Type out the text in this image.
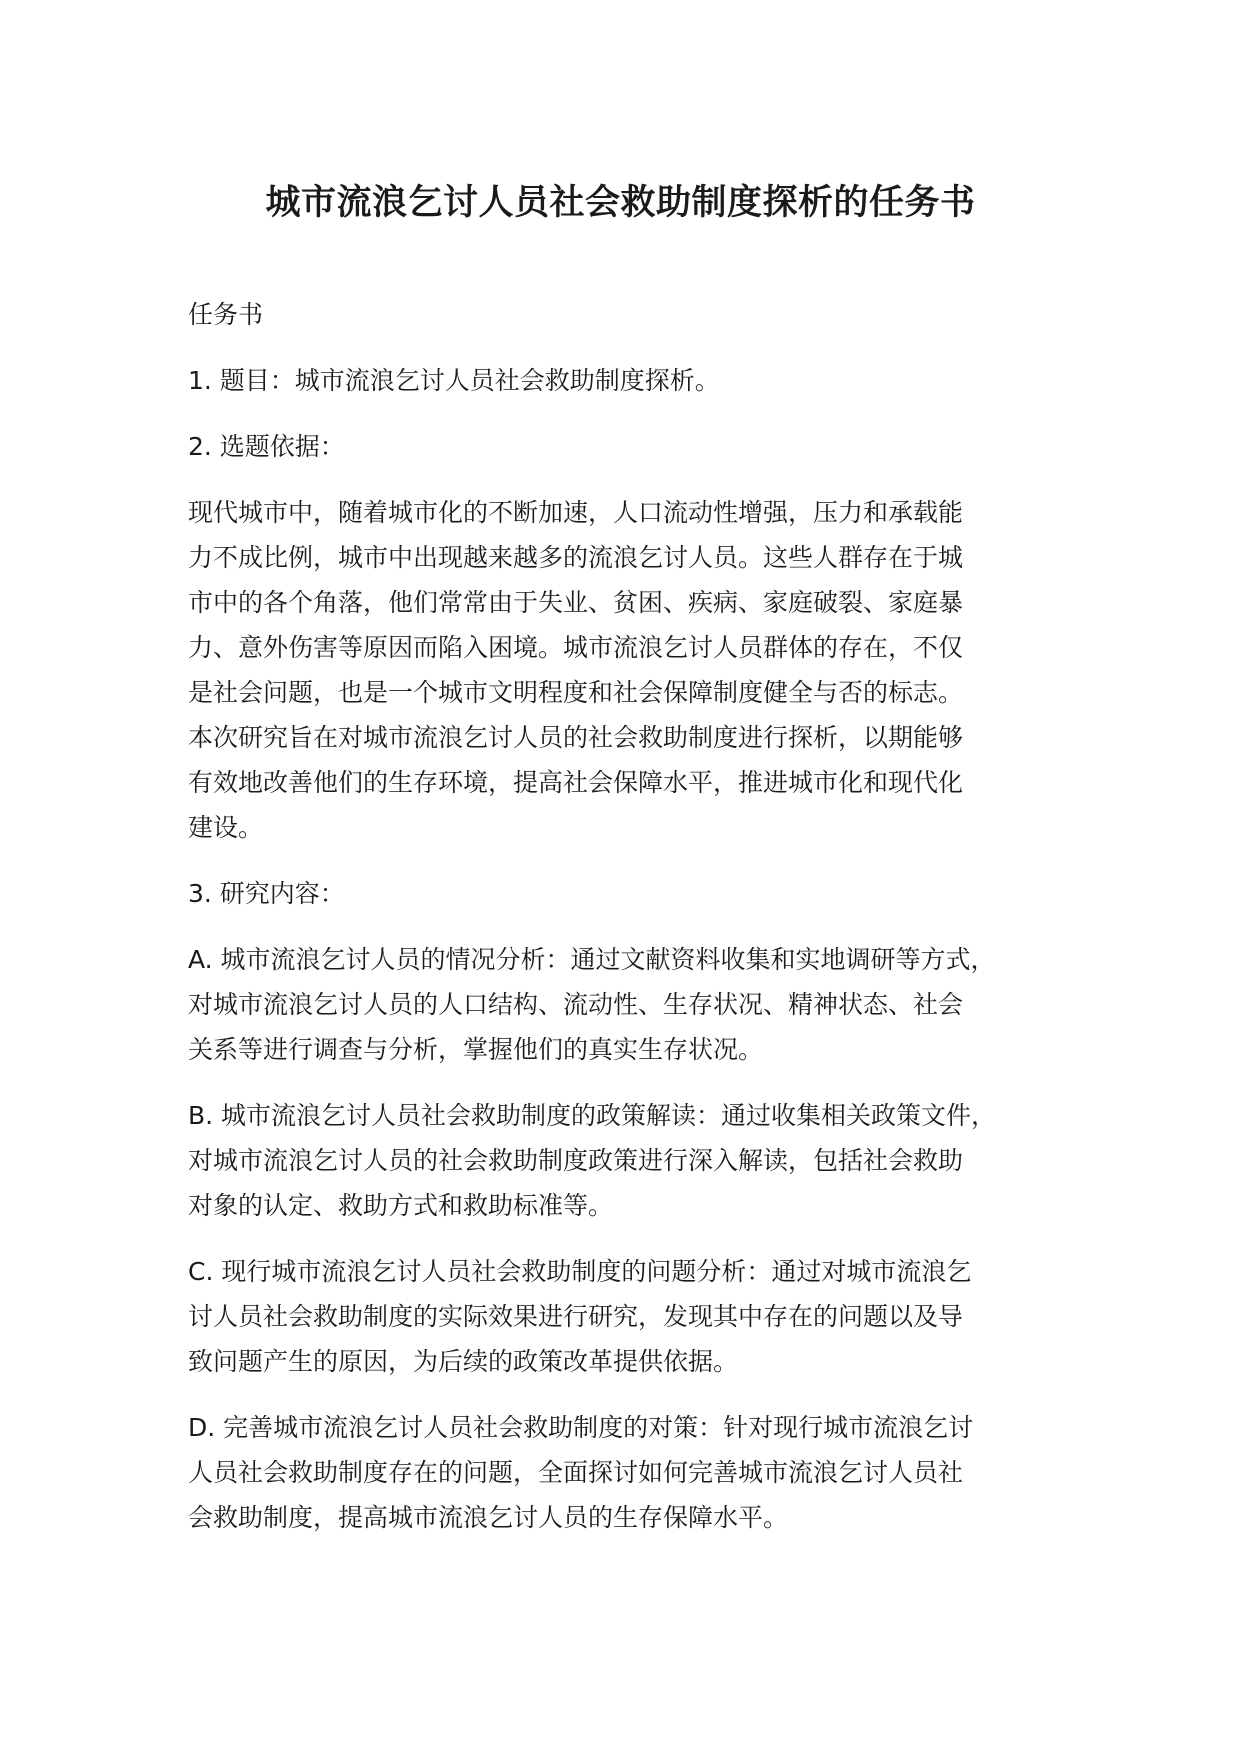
城市流浪乞讨人员社会救助制度探析的任务书

任务书

1. 题目：城市流浪乞讨人员社会救助制度探析。

2. 选题依据：

现代城市中，随着城市化的不断加速，人口流动性增强，压力和承载能
力不成比例，城市中出现越来越多的流浪乞讨人员。这些人群存在于城
市中的各个角落，他们常常由于失业、贫困、疾病、家庭破裂、家庭暴
力、意外伤害等原因而陷入困境。城市流浪乞讨人员群体的存在，不仅
是社会问题，也是一个城市文明程度和社会保障制度健全与否的标志。
本次研究旨在对城市流浪乞讨人员的社会救助制度进行探析，以期能够
有效地改善他们的生存环境，提高社会保障水平，推进城市化和现代化
建设。

3. 研究内容：

A. 城市流浪乞讨人员的情况分析：通过文献资料收集和实地调研等方式，
对城市流浪乞讨人员的人口结构、流动性、生存状况、精神状态、社会
关系等进行调查与分析，掌握他们的真实生存状况。
B. 城市流浪乞讨人员社会救助制度的政策解读：通过收集相关政策文件，
对城市流浪乞讨人员的社会救助制度政策进行深入解读，包括社会救助
对象的认定、救助方式和救助标准等。
C. 现行城市流浪乞讨人员社会救助制度的问题分析：通过对城市流浪乞
讨人员社会救助制度的实际效果进行研究，发现其中存在的问题以及导
致问题产生的原因，为后续的政策改革提供依据。
D. 完善城市流浪乞讨人员社会救助制度的对策：针对现行城市流浪乞讨
人员社会救助制度存在的问题，全面探讨如何完善城市流浪乞讨人员社
会救助制度，提高城市流浪乞讨人员的生存保障水平。
